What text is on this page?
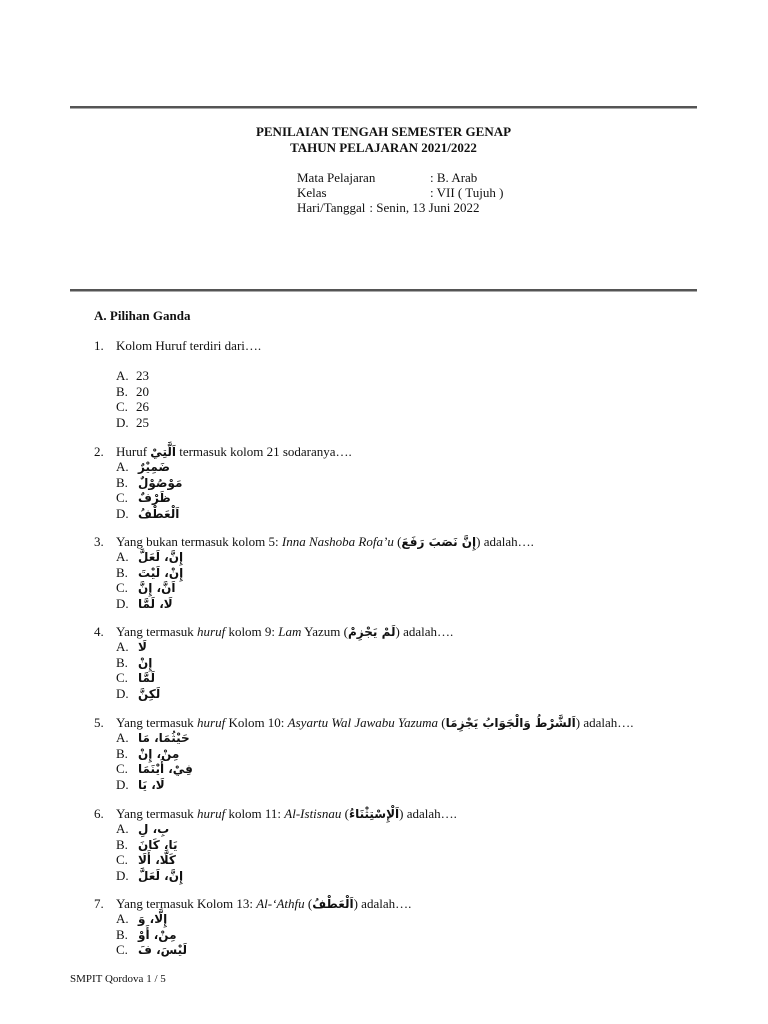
PENILAIAN TENGAH SEMESTER GENAP
TAHUN PELAJARAN 2021/2022
Mata Pelajaran	: B. Arab
Kelas	: VII ( Tujuh )
Hari/Tanggal : Senin, 13 Juni 2022
A. Pilihan Ganda
1. Kolom Huruf terdiri dari….
A. 23
B. 20
C. 26
D. 25
2. Huruf اَلَّتِيْ termasuk kolom 21 sodaranya….
A. ضَمِيْرٌ
B. مَوْصُوْلٌ
C. ظَرْفٌ
D. اَلْعَطْفُ
3. Yang bukan termasuk kolom 5: Inna Nashoba Rofa’u (إِنَّ نَصَبَ رَفَعَ) adalah….
A. إِنَّ، لَعَلَّ
B. إِنْ، لَيْتَ
C. اَنَّ، إِنَّ
D. لَا، لَمَّا
4. Yang termasuk huruf kolom 9: Lam Yazum (لَمْ يَجْزِمْ) adalah….
A. لَا
B. إِنْ
C. لَمَّا
D. لَكِنَّ
5. Yang termasuk huruf Kolom 10: Asyartu Wal Jawabu Yazuma (اَلشَّرْطُ وَالْجَوَابُ يَجْزِمَا) adalah….
A. حَيْثُمَا، مَا
B. مِنْ، إِنْ
C. فِيْ، أَيْنَمَا
D. لَا، يَا
6. Yang termasuk huruf kolom 11: Al-Istisnau (اَلْإِسْتِثْنَاءُ) adalah….
A. بِ، لِ
B. يَا، كَانَ
C. كَلَّا، أَلَا
D. إِنَّ، لَعَلَّ
7. Yang termasuk Kolom 13: Al-‘Athfu (اَلْعَطْفُ) adalah….
A. إِلَّا، وَ
B. مِنْ، أَوْ
C. لَيْسَ، فَ
SMPIT Qordova 1 / 5
